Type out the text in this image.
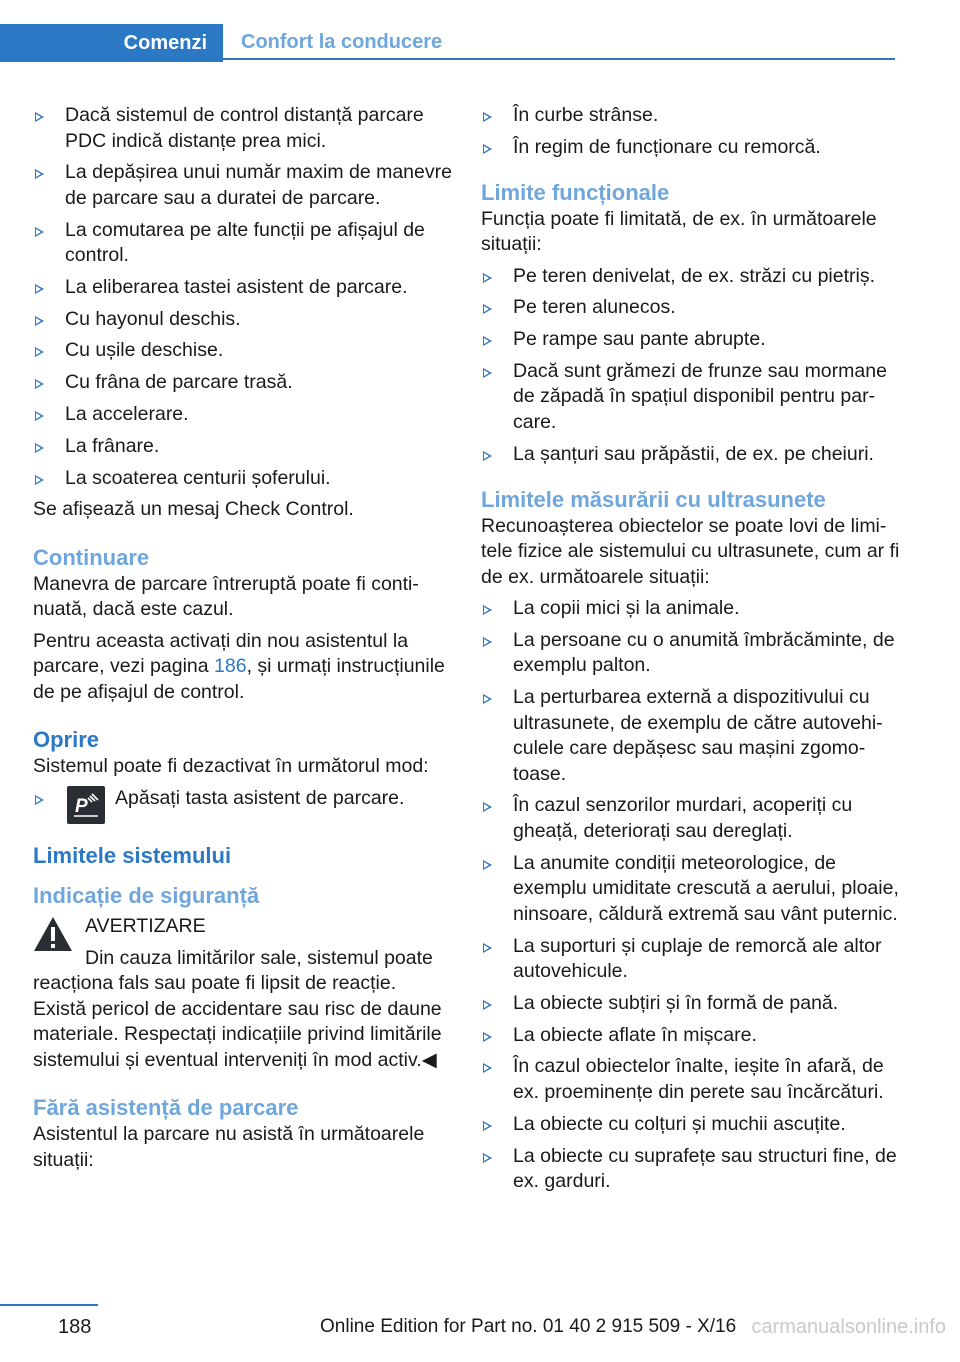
Comenzi Confort la conducere
Dacă sistemul de control distanță parcare PDC indică distanțe prea mici.
La depășirea unui număr maxim de manevre de parcare sau a duratei de parcare.
La comutarea pe alte funcții pe afișajul de control.
La eliberarea tastei asistent de parcare.
Cu hayonul deschis.
Cu ușile deschise.
Cu frâna de parcare trasă.
La accelerare.
La frânare.
La scoaterea centurii șoferului.

Se afișează un mesaj Check Control.

Continuare

Manevra de parcare întreruptă poate fi continuată, dacă este cazul.

Pentru aceasta activați din nou asistentul la parcare, vezi pagina 186, și urmați instrucțiunile de pe afișajul de control.

Oprire

Sistemul poate fi dezactivat în următorul mod:

P Apăsați tasta asistent de parcare.
Limitele sistemului
Indicație de siguranță

AVERTIZARE

Din cauza limitărilor sale, sistemul poate

reacționa fals sau poate fi lipsit de reacție. Există pericol de accidentare sau risc de daune materiale. Respectați indicațiile privind limitările sistemului și eventual interveniți în mod activ.◀

Fără asistență de parcare

Asistentul la parcare nu asistă în următoarele situații:

În curbe strânse.
În regim de funcționare cu remorcă.
Limite funcționale

Funcția poate fi limitată, de ex. în următoarele situații:

Pe teren denivelat, de ex. străzi cu pietriș.
Pe teren alunecos.
Pe rampe sau pante abrupte.
Dacă sunt grămezi de frunze sau mormane de zăpadă în spațiul disponibil pentru parcare.
La șanțuri sau prăpăstii, de ex. pe cheiuri.
Limitele măsurării cu ultrasunete

Recunoașterea obiectelor se poate lovi de limitele fizice ale sistemului cu ultrasunete, cum ar fi de ex. următoarele situații:

La copii mici și la animale.
La persoane cu o anumită îmbrăcăminte, de exemplu palton.
La perturbarea externă a dispozitivului cu ultrasunete, de exemplu de către autovehiculele care depășesc sau mașini zgomotoase.
În cazul senzorilor murdari, acoperiți cu gheață, deteriorați sau dereglați.
La anumite condiții meteorologice, de exemplu umiditate crescută a aerului, ploaie, ninsoare, căldură extremă sau vânt puternic.
La suporturi și cuplaje de remorcă ale altor autovehicule.
La obiecte subțiri și în formă de pană.
La obiecte aflate în mișcare.
În cazul obiectelor înalte, ieșite în afară, de ex. proeminențe din perete sau încărcături.
La obiecte cu colțuri și muchii ascuțite.
La obiecte cu suprafețe sau structuri fine, de ex. garduri.
188	Online Edition for Part no. 01 40 2 915 509 - X/16 carmanualsonline.info
